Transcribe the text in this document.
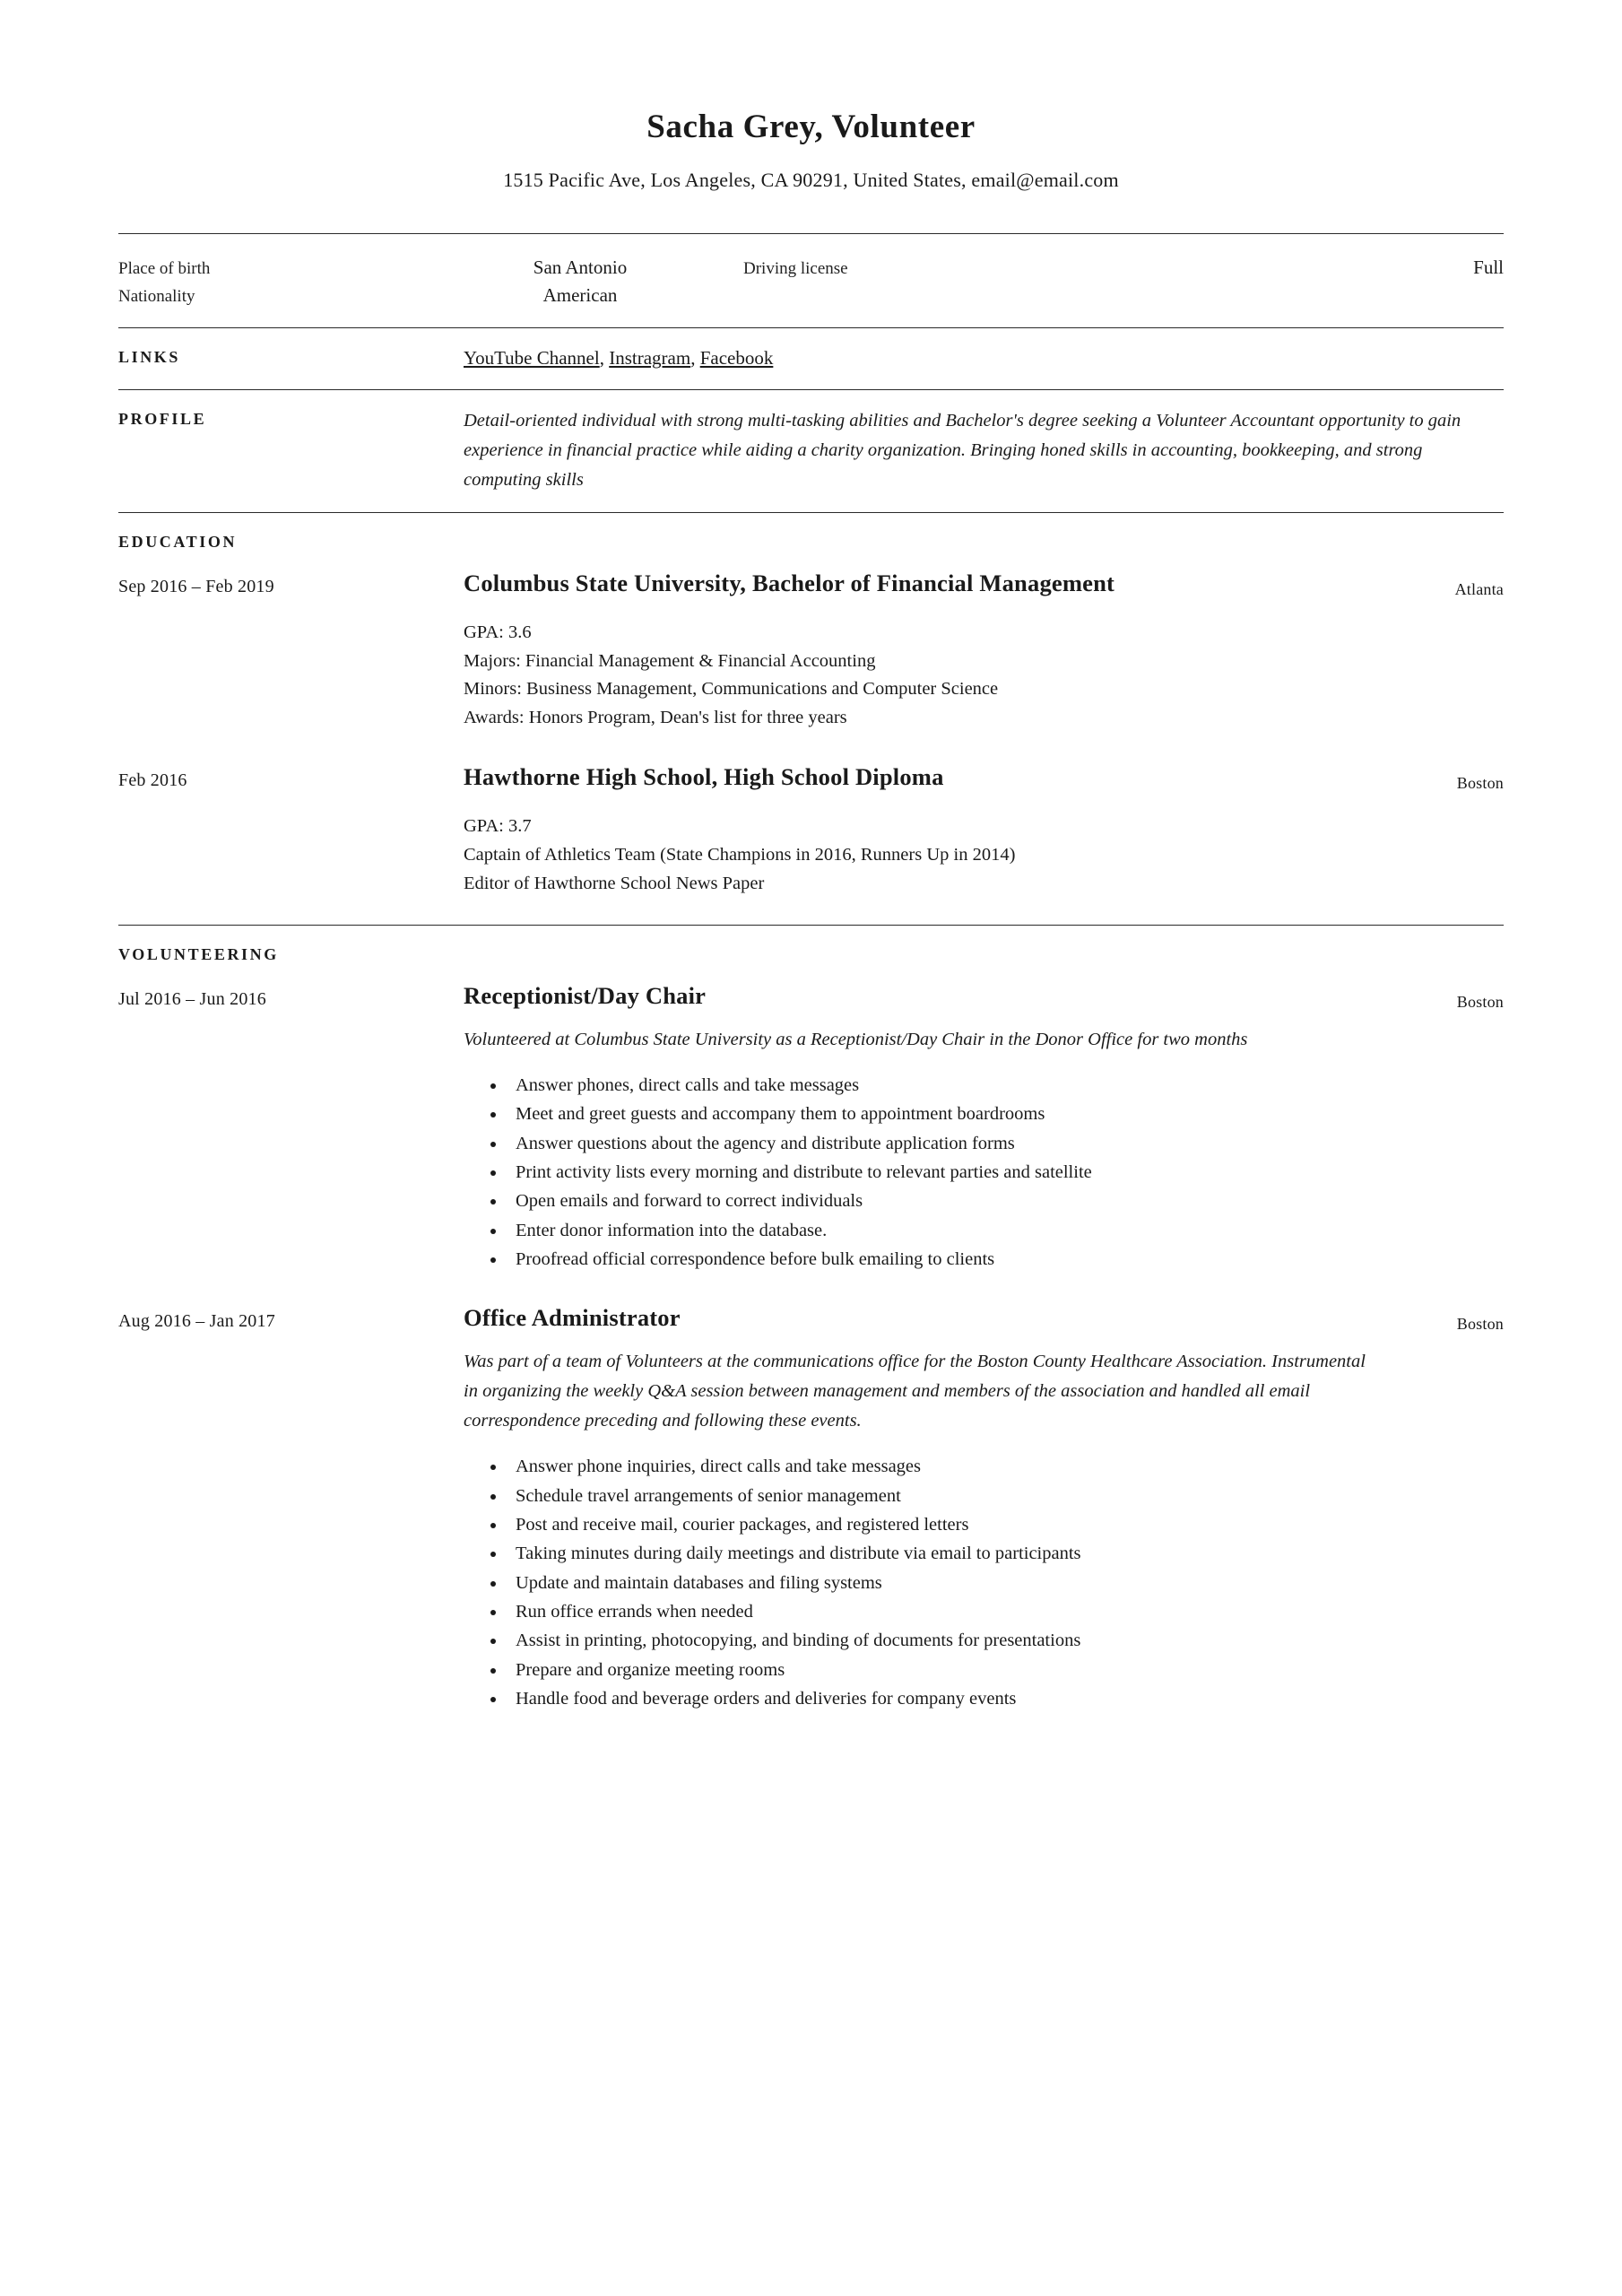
Sacha Grey, Volunteer
1515 Pacific Ave, Los Angeles, CA 90291, United States, email@email.com
Place of birth	San Antonio	Driving license	Full
Nationality	American
LINKS	YouTube Channel, Instragram, Facebook
PROFILE	Detail-oriented individual with strong multi-tasking abilities and Bachelor's degree seeking a Volunteer Accountant opportunity to gain experience in financial practice while aiding a charity organization. Bringing honed skills in accounting, bookkeeping, and strong computing skills
EDUCATION
Sep 2016 – Feb 2019	Columbus State University, Bachelor of Financial Management
GPA: 3.6
Majors: Financial Management & Financial Accounting
Minors: Business Management, Communications and Computer Science
Awards: Honors Program, Dean's list for three years
Atlanta
Feb 2016	Hawthorne High School, High School Diploma
GPA: 3.7
Captain of Athletics Team (State Champions in 2016, Runners Up in 2014)
Editor of Hawthorne School News Paper
Boston
VOLUNTEERING
Jul 2016 – Jun 2016	Receptionist/Day Chair
Volunteered at Columbus State University as a Receptionist/Day Chair in the Donor Office for two months
• Answer phones, direct calls and take messages
• Meet and greet guests and accompany them to appointment boardrooms
• Answer questions about the agency and distribute application forms
• Print activity lists every morning and distribute to relevant parties and satellite
• Open emails and forward to correct individuals
• Enter donor information into the database.
• Proofread official correspondence before bulk emailing to clients
Boston
Aug 2016 – Jan 2017	Office Administrator
Was part of a team of Volunteers at the communications office for the Boston County Healthcare Association. Instrumental in organizing the weekly Q&A session between management and members of the association and handled all email correspondence preceding and following these events.
• Answer phone inquiries, direct calls and take messages
• Schedule travel arrangements of senior management
• Post and receive mail, courier packages, and registered letters
• Taking minutes during daily meetings and distribute via email to participants
• Update and maintain databases and filing systems
• Run office errands when needed
• Assist in printing, photocopying, and binding of documents for presentations
• Prepare and organize meeting rooms
• Handle food and beverage orders and deliveries for company events
Boston
